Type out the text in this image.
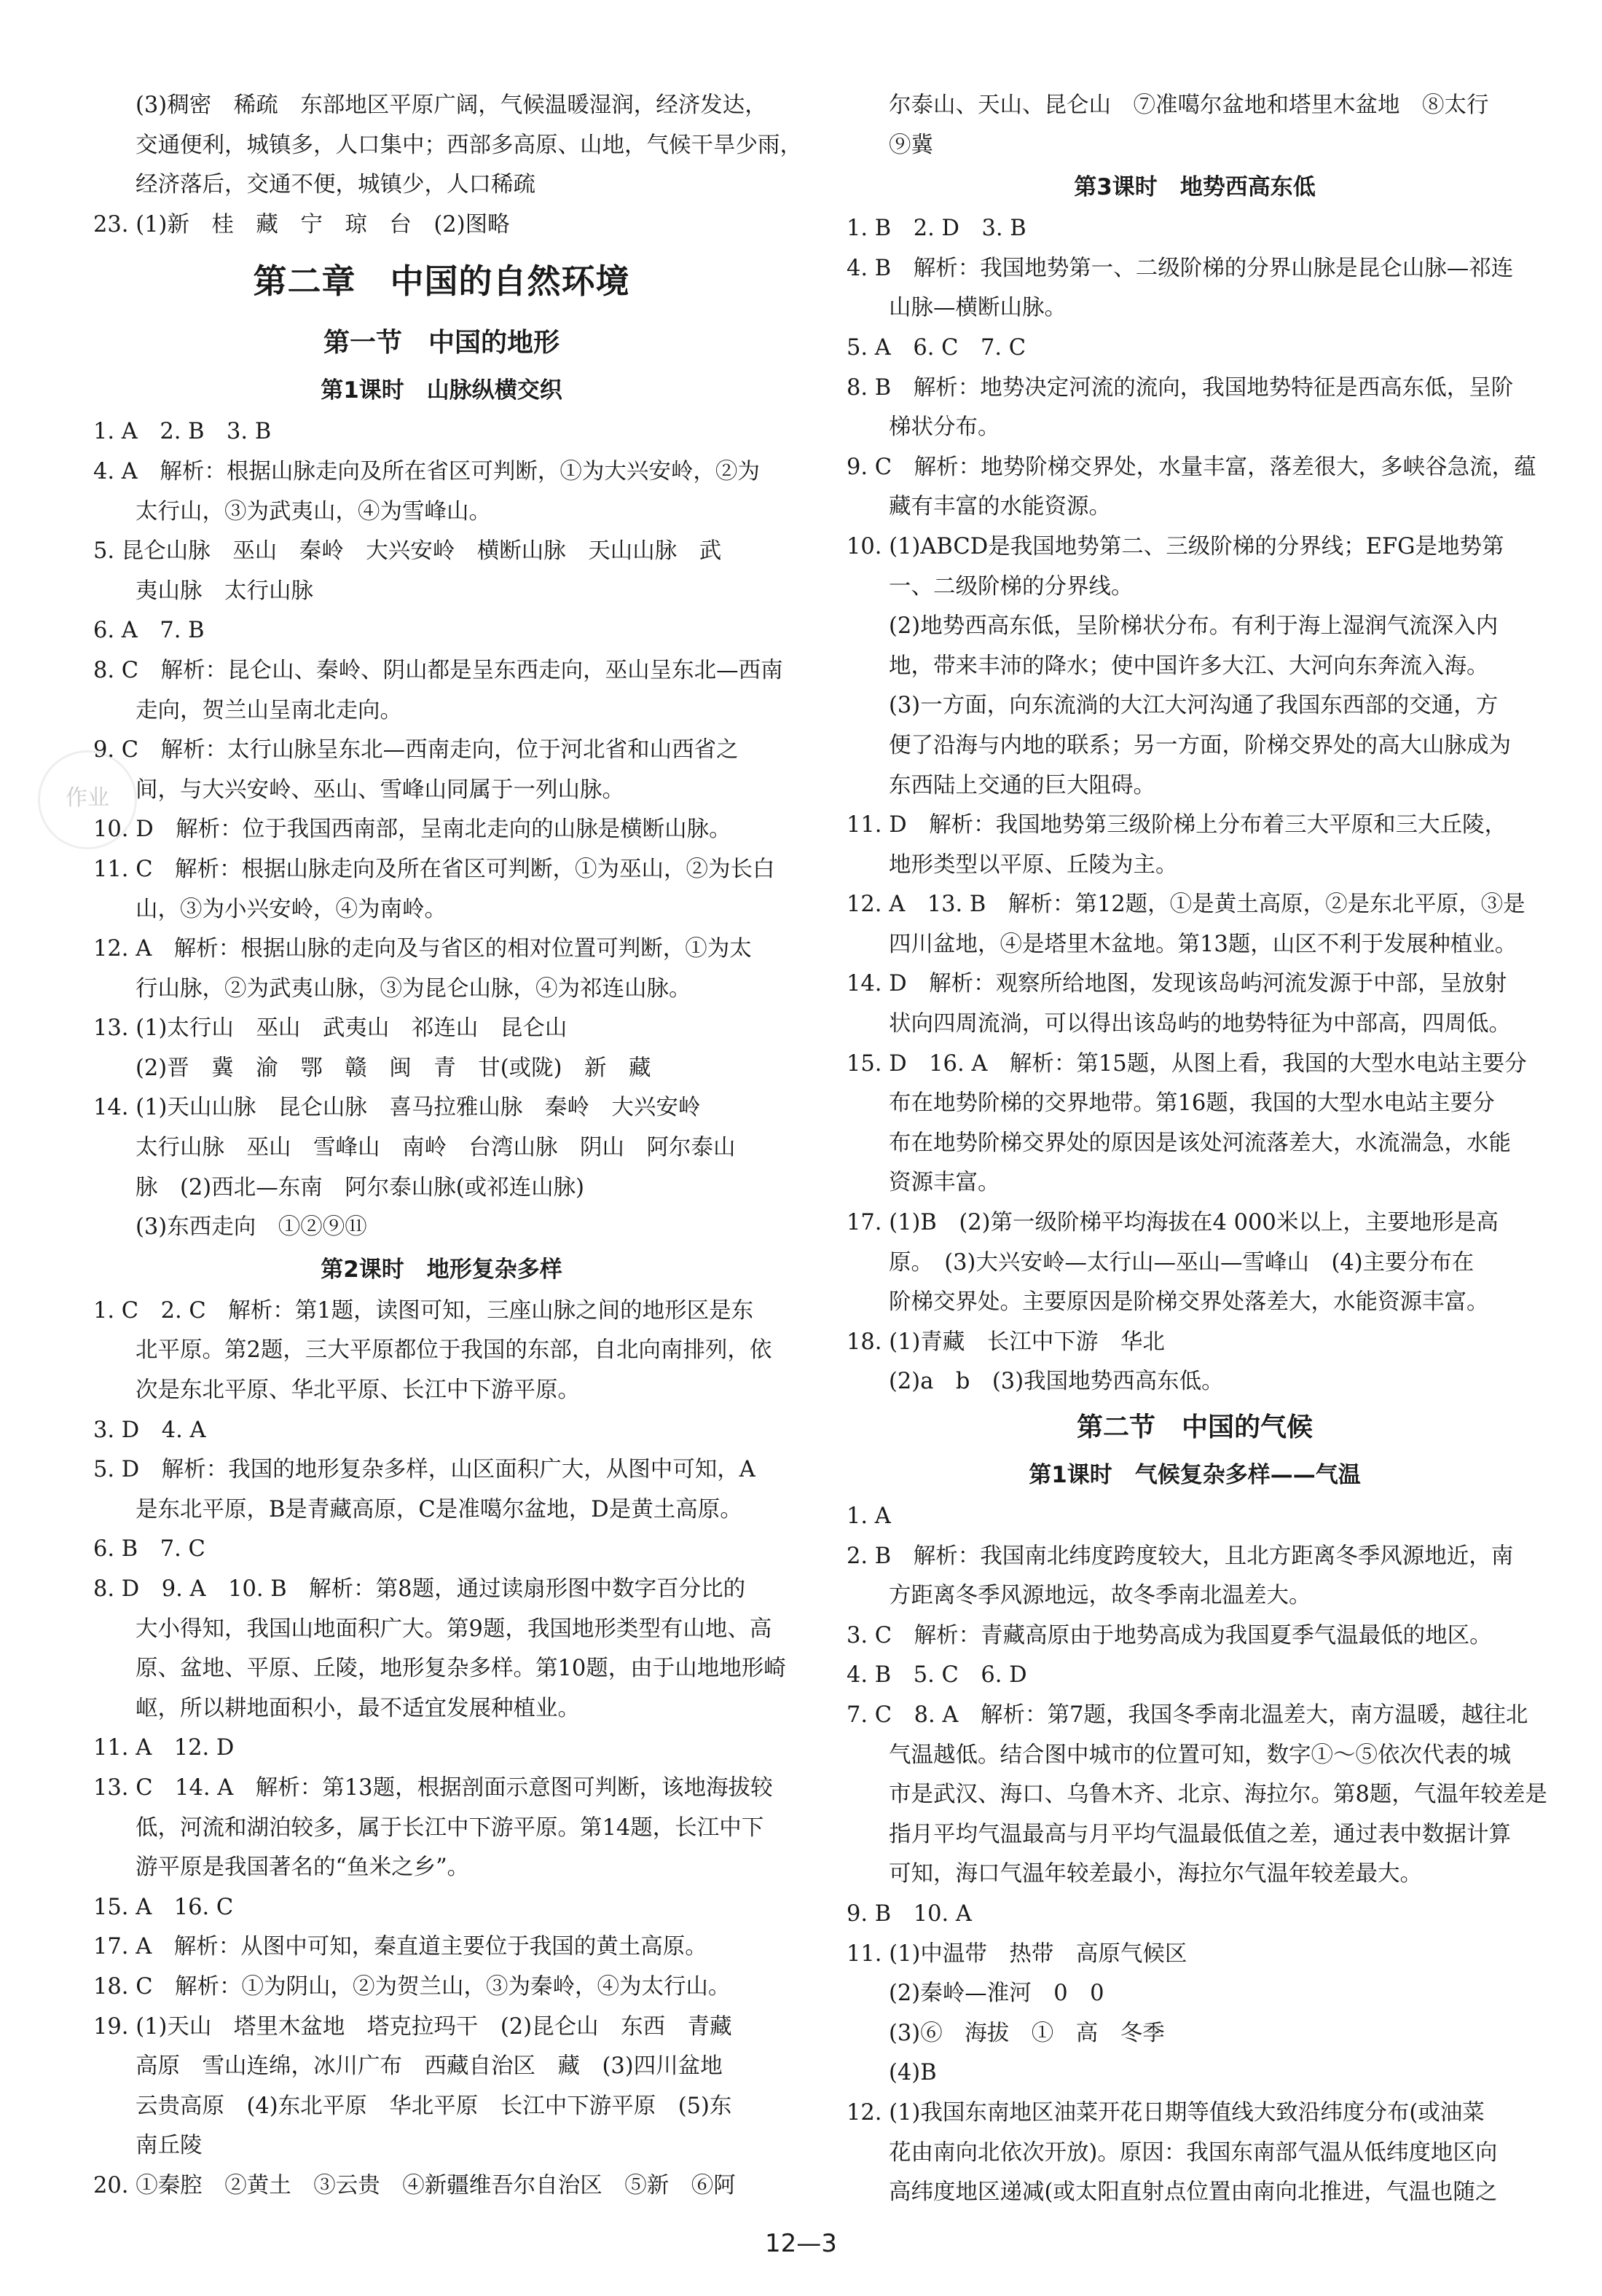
作业
(3)稠密　稀疏　东部地区平原广阔，气候温暖湿润，经济发达，
交通便利，城镇多，人口集中；西部多高原、山地，气候干旱少雨，
经济落后，交通不便，城镇少，人口稀疏
23. (1)新　桂　藏　宁　琼　台　(2)图略
第二章　中国的自然环境
第一节　中国的地形
第1课时　山脉纵横交织
1. A　2. B　3. B
4. A　解析：根据山脉走向及所在省区可判断，①为大兴安岭，②为
太行山，③为武夷山，④为雪峰山。
5. 昆仑山脉　巫山　秦岭　大兴安岭　横断山脉　天山山脉　武
夷山脉　太行山脉
6. A　7. B
8. C　解析：昆仑山、秦岭、阴山都是呈东西走向，巫山呈东北—西南
走向，贺兰山呈南北走向。
9. C　解析：太行山脉呈东北—西南走向，位于河北省和山西省之
间，与大兴安岭、巫山、雪峰山同属于一列山脉。
10. D　解析：位于我国西南部，呈南北走向的山脉是横断山脉。
11. C　解析：根据山脉走向及所在省区可判断，①为巫山，②为长白
山，③为小兴安岭，④为南岭。
12. A　解析：根据山脉的走向及与省区的相对位置可判断，①为太
行山脉，②为武夷山脉，③为昆仑山脉，④为祁连山脉。
13. (1)太行山　巫山　武夷山　祁连山　昆仑山
(2)晋　冀　渝　鄂　赣　闽　青　甘(或陇)　新　藏
14. (1)天山山脉　昆仑山脉　喜马拉雅山脉　秦岭　大兴安岭
太行山脉　巫山　雪峰山　南岭　台湾山脉　阴山　阿尔泰山
脉　(2)西北—东南　阿尔泰山脉(或祁连山脉)
(3)东西走向　①②⑨⑪
第2课时　地形复杂多样
1. C　2. C　解析：第1题，读图可知，三座山脉之间的地形区是东
北平原。第2题，三大平原都位于我国的东部，自北向南排列，依
次是东北平原、华北平原、长江中下游平原。
3. D　4. A
5. D　解析：我国的地形复杂多样，山区面积广大，从图中可知，A
是东北平原，B是青藏高原，C是准噶尔盆地，D是黄土高原。
6. B　7. C
8. D　9. A　10. B　解析：第8题，通过读扇形图中数字百分比的
大小得知，我国山地面积广大。第9题，我国地形类型有山地、高
原、盆地、平原、丘陵，地形复杂多样。第10题，由于山地地形崎
岖，所以耕地面积小，最不适宜发展种植业。
11. A　12. D
13. C　14. A　解析：第13题，根据剖面示意图可判断，该地海拔较
低，河流和湖泊较多，属于长江中下游平原。第14题，长江中下
游平原是我国著名的“鱼米之乡”。
15. A　16. C
17. A　解析：从图中可知，秦直道主要位于我国的黄土高原。
18. C　解析：①为阴山，②为贺兰山，③为秦岭，④为太行山。
19. (1)天山　塔里木盆地　塔克拉玛干　(2)昆仑山　东西　青藏
高原　雪山连绵，冰川广布　西藏自治区　藏　(3)四川盆地
云贵高原　(4)东北平原　华北平原　长江中下游平原　(5)东
南丘陵
20. ①秦腔　②黄土　③云贵　④新疆维吾尔自治区　⑤新　⑥阿
尔泰山、天山、昆仑山　⑦准噶尔盆地和塔里木盆地　⑧太行
⑨冀
第3课时　地势西高东低
1. B　2. D　3. B
4. B　解析：我国地势第一、二级阶梯的分界山脉是昆仑山脉—祁连
山脉—横断山脉。
5. A　6. C　7. C
8. B　解析：地势决定河流的流向，我国地势特征是西高东低，呈阶
梯状分布。
9. C　解析：地势阶梯交界处，水量丰富，落差很大，多峡谷急流，蕴
藏有丰富的水能资源。
10. (1)ABCD是我国地势第二、三级阶梯的分界线；EFG是地势第
一、二级阶梯的分界线。
(2)地势西高东低，呈阶梯状分布。有利于海上湿润气流深入内
地，带来丰沛的降水；使中国许多大江、大河向东奔流入海。
(3)一方面，向东流淌的大江大河沟通了我国东西部的交通，方
便了沿海与内地的联系；另一方面，阶梯交界处的高大山脉成为
东西陆上交通的巨大阻碍。
11. D　解析：我国地势第三级阶梯上分布着三大平原和三大丘陵，
地形类型以平原、丘陵为主。
12. A　13. B　解析：第12题，①是黄土高原，②是东北平原，③是
四川盆地，④是塔里木盆地。第13题，山区不利于发展种植业。
14. D　解析：观察所给地图，发现该岛屿河流发源于中部，呈放射
状向四周流淌，可以得出该岛屿的地势特征为中部高，四周低。
15. D　16. A　解析：第15题，从图上看，我国的大型水电站主要分
布在地势阶梯的交界地带。第16题，我国的大型水电站主要分
布在地势阶梯交界处的原因是该处河流落差大，水流湍急，水能
资源丰富。
17. (1)B　(2)第一级阶梯平均海拔在4 000米以上，主要地形是高
原。　(3)大兴安岭—太行山—巫山—雪峰山　(4)主要分布在
阶梯交界处。主要原因是阶梯交界处落差大，水能资源丰富。
18. (1)青藏　长江中下游　华北
(2)a　b　(3)我国地势西高东低。
第二节　中国的气候
第1课时　气候复杂多样——气温
1. A
2. B　解析：我国南北纬度跨度较大，且北方距离冬季风源地近，南
方距离冬季风源地远，故冬季南北温差大。
3. C　解析：青藏高原由于地势高成为我国夏季气温最低的地区。
4. B　5. C　6. D
7. C　8. A　解析：第7题，我国冬季南北温差大，南方温暖，越往北
气温越低。结合图中城市的位置可知，数字①～⑤依次代表的城
市是武汉、海口、乌鲁木齐、北京、海拉尔。第8题，气温年较差是
指月平均气温最高与月平均气温最低值之差，通过表中数据计算
可知，海口气温年较差最小，海拉尔气温年较差最大。
9. B　10. A
11. (1)中温带　热带　高原气候区
(2)秦岭—淮河　0　0
(3)⑥　海拔　①　高　冬季
(4)B
12. (1)我国东南地区油菜开花日期等值线大致沿纬度分布(或油菜
花由南向北依次开放)。原因：我国东南部气温从低纬度地区向
高纬度地区递减(或太阳直射点位置由南向北推进，气温也随之
12—3
